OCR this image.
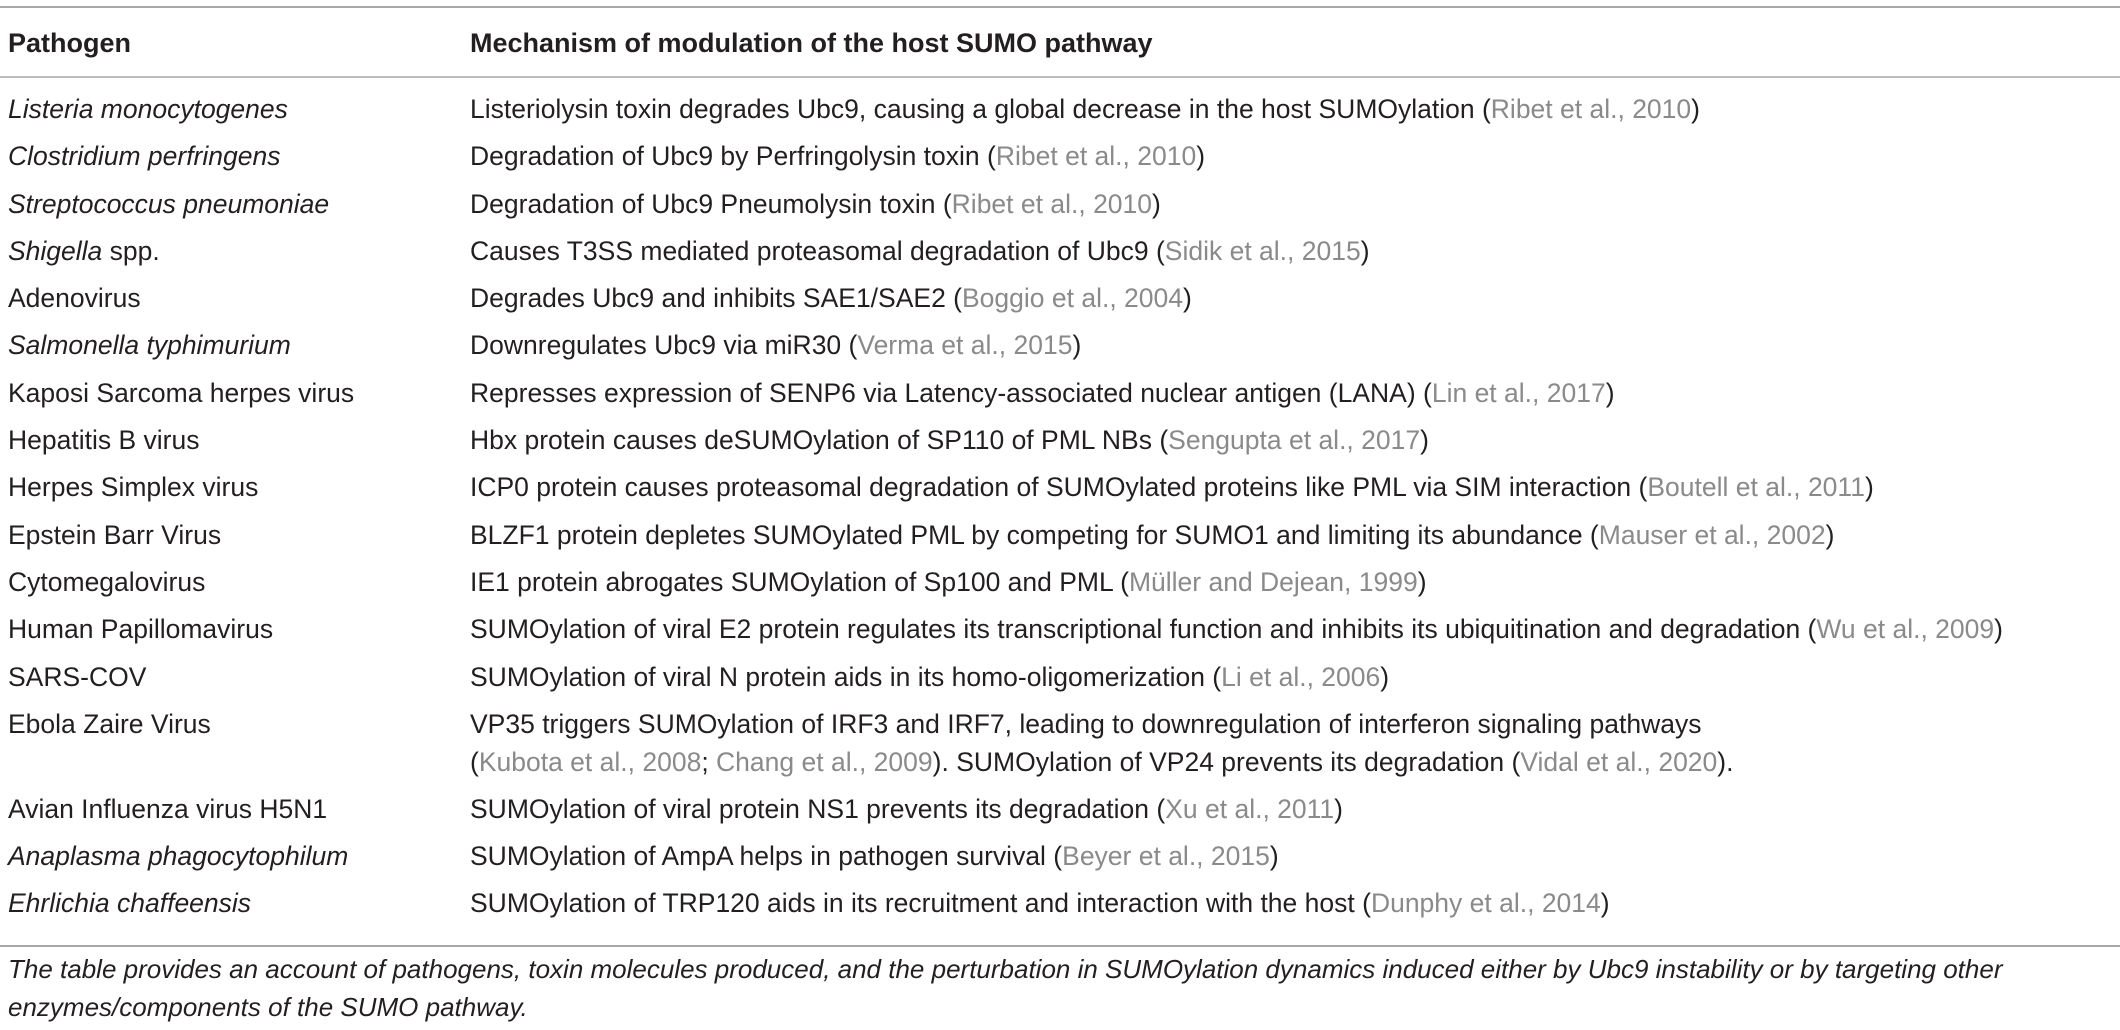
Pathogen	Mechanism of modulation of the host SUMO pathway
Listeria monocytogenes	Listeriolysin toxin degrades Ubc9, causing a global decrease in the host SUMOylation (Ribet et al., 2010)
Clostridium perfringens	Degradation of Ubc9 by Perfringolysin toxin (Ribet et al., 2010)
Streptococcus pneumoniae	Degradation of Ubc9 Pneumolysin toxin (Ribet et al., 2010)
Shigella spp.	Causes T3SS mediated proteasomal degradation of Ubc9 (Sidik et al., 2015)
Adenovirus	Degrades Ubc9 and inhibits SAE1/SAE2 (Boggio et al., 2004)
Salmonella typhimurium	Downregulates Ubc9 via miR30 (Verma et al., 2015)
Kaposi Sarcoma herpes virus	Represses expression of SENP6 via Latency-associated nuclear antigen (LANA) (Lin et al., 2017)
Hepatitis B virus	Hbx protein causes deSUMOylation of SP110 of PML NBs (Sengupta et al., 2017)
Herpes Simplex virus	ICP0 protein causes proteasomal degradation of SUMOylated proteins like PML via SIM interaction (Boutell et al., 2011)
Epstein Barr Virus	BLZF1 protein depletes SUMOylated PML by competing for SUMO1 and limiting its abundance (Mauser et al., 2002)
Cytomegalovirus	IE1 protein abrogates SUMOylation of Sp100 and PML (Müller and Dejean, 1999)
Human Papillomavirus	SUMOylation of viral E2 protein regulates its transcriptional function and inhibits its ubiquitination and degradation (Wu et al., 2009)
SARS-COV	SUMOylation of viral N protein aids in its homo-oligomerization (Li et al., 2006)
Ebola Zaire Virus	VP35 triggers SUMOylation of IRF3 and IRF7, leading to downregulation of interferon signaling pathways
(Kubota et al., 2008; Chang et al., 2009). SUMOylation of VP24 prevents its degradation (Vidal et al., 2020).
Avian Influenza virus H5N1	SUMOylation of viral protein NS1 prevents its degradation (Xu et al., 2011)
Anaplasma phagocytophilum	SUMOylation of AmpA helps in pathogen survival (Beyer et al., 2015)
Ehrlichia chaffeensis	SUMOylation of TRP120 aids in its recruitment and interaction with the host (Dunphy et al., 2014)
The table provides an account of pathogens, toxin molecules produced, and the perturbation in SUMOylation dynamics induced either by Ubc9 instability or by targeting other enzymes/components of the SUMO pathway.
